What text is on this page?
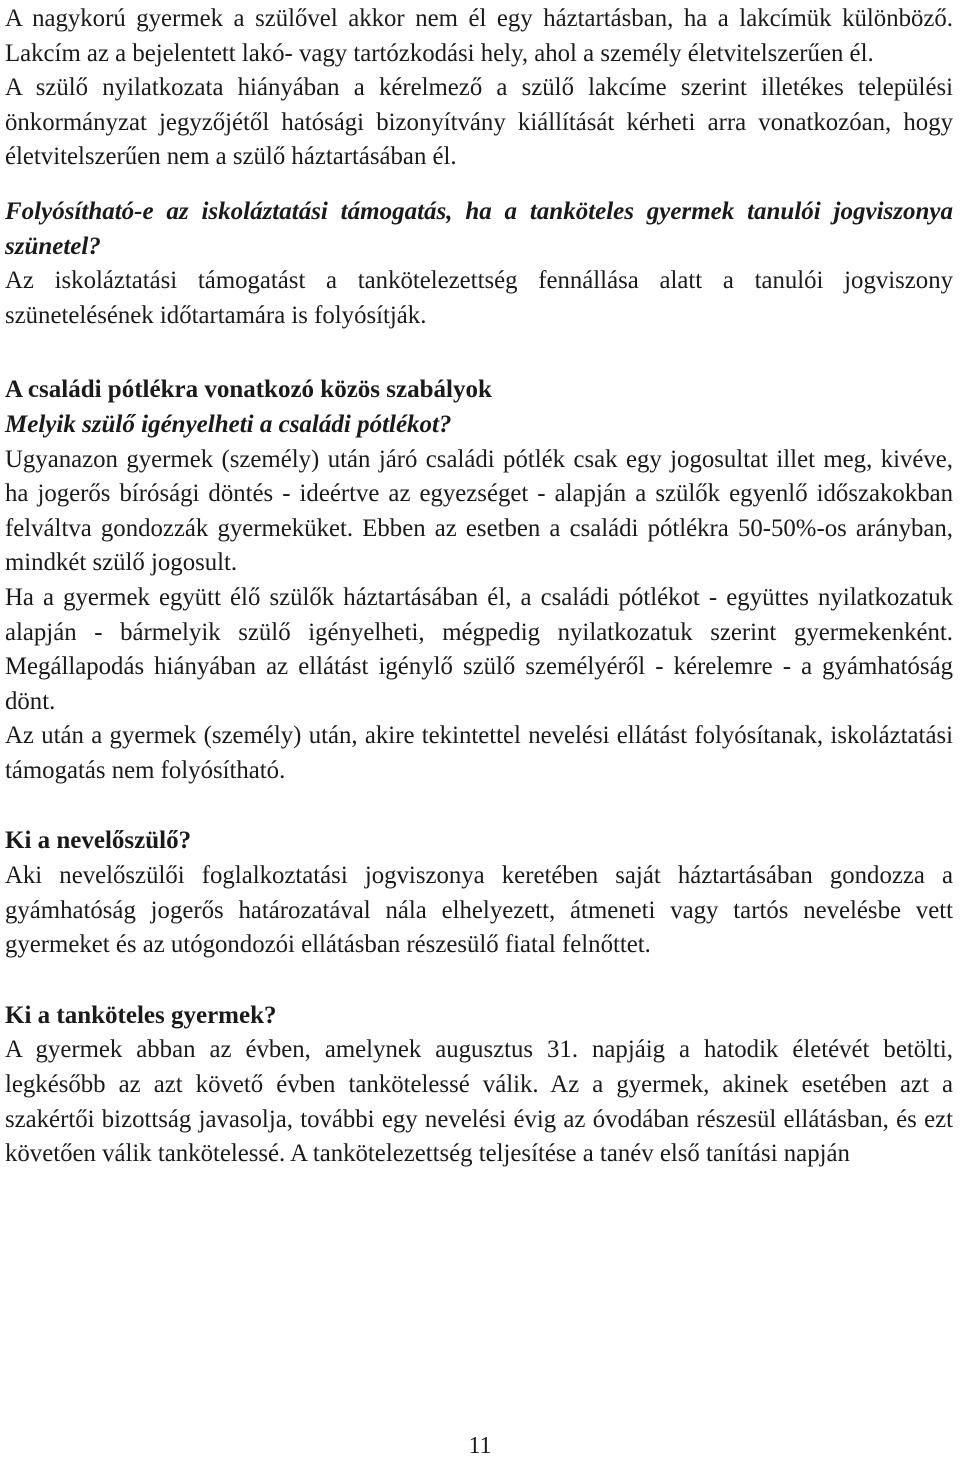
A nagykorú gyermek a szülővel akkor nem él egy háztartásban, ha a lakcímük különböző. Lakcím az a bejelentett lakó- vagy tartózkodási hely, ahol a személy életvitelszerűen él.

A szülő nyilatkozata hiányában a kérelmező a szülő lakcíme szerint illetékes települési önkormányzat jegyzőjétől hatósági bizonyítvány kiállítását kérheti arra vonatkozóan, hogy életvitelszerűen nem a szülő háztartásában él.

Folyósítható-e az iskoláztatási támogatás, ha a tanköteles gyermek tanulói jogviszonya szünetel?

Az iskoláztatási támogatást a tankötelezettség fennállása alatt a tanulói jogviszony szünetelésének időtartamára is folyósítják.

A családi pótlékra vonatkozó közös szabályok

Melyik szülő igényelheti a családi pótlékot?

Ugyanazon gyermek (személy) után járó családi pótlék csak egy jogosultat illet meg, kivéve, ha jogerős bírósági döntés - ideértve az egyezséget - alapján a szülők egyenlő időszakokban felváltva gondozzák gyermeküket. Ebben az esetben a családi pótlékra 50-50%-os arányban, mindkét szülő jogosult.

Ha a gyermek együtt élő szülők háztartásában él, a családi pótlékot - együttes nyilatkozatuk alapján - bármelyik szülő igényelheti, mégpedig nyilatkozatuk szerint gyermekenként. Megállapodás hiányában az ellátást igénylő szülő személyéről - kérelemre - a gyámhatóság dönt.

Az után a gyermek (személy) után, akire tekintettel nevelési ellátást folyósítanak, iskoláztatási támogatás nem folyósítható.

Ki a nevelőszülő?

Aki nevelőszülői foglalkoztatási jogviszonya keretében saját háztartásában gondozza a gyámhatóság jogerős határozatával nála elhelyezett, átmeneti vagy tartós nevelésbe vett gyermeket és az utógondozói ellátásban részesülő fiatal felnőttet.

Ki a tanköteles gyermek?

A gyermek abban az évben, amelynek augusztus 31. napjáig a hatodik életévét betölti, legkésőbb az azt követő évben tankötelessé válik. Az a gyermek, akinek esetében azt a szakértői bizottság javasolja, további egy nevelési évig az óvodában részesül ellátásban, és ezt követően válik tankötelessé. A tankötelezettség teljesítése a tanév első tanítási napján

11
